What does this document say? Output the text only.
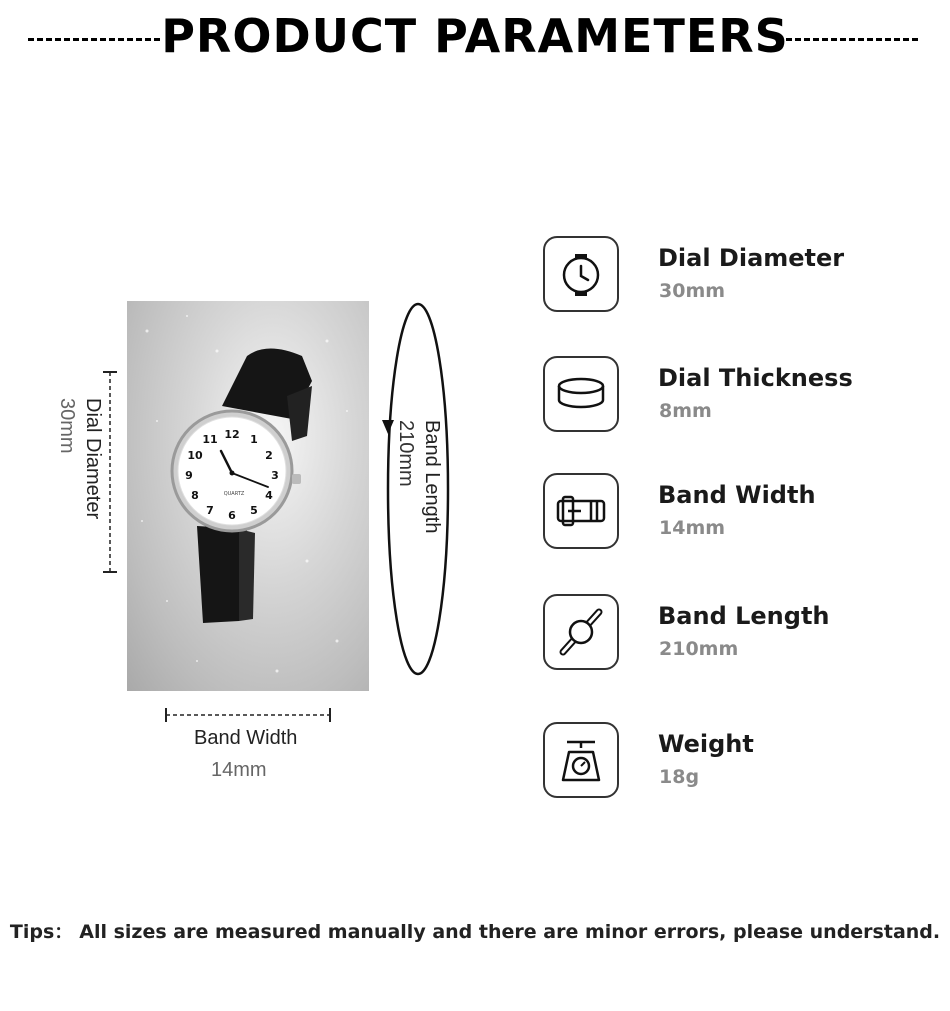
PRODUCT PARAMETERS
12 1
2
3
4
5
6
7
8
9
10
11
QUARTZ
Dial Diameter
30mm	Band Length
210mm
Band Width
14mm
Dial Diameter
30mm
Dial Thickness
8mm
Band Width
14mm
Band Length
210mm
Weight
18g
Tips： All sizes are measured manually and there are minor errors, please understand.
